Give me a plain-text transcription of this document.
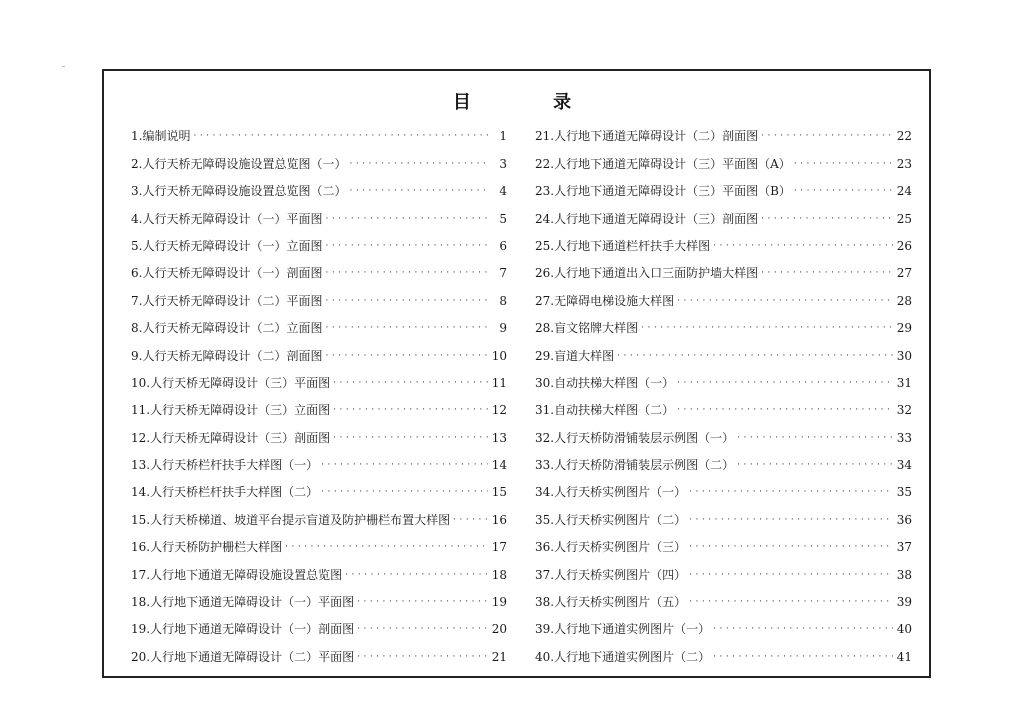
目 录
1.编制说明 ·····	1
2.人行天桥无障碍设施设置总览图（一） ·····	3
3.人行天桥无障碍设施设置总览图（二） ·····	4
4.人行天桥无障碍设计（一）平面图 ·····	5
5.人行天桥无障碍设计（一）立面图 ·····	6
6.人行天桥无障碍设计（一）剖面图 ·····	7
7.人行天桥无障碍设计（二）平面图 ·····	8
8.人行天桥无障碍设计（二）立面图 ·····	9
9.人行天桥无障碍设计（二）剖面图 ·····	10
10.人行天桥无障碍设计（三）平面图 ·····	11
11.人行天桥无障碍设计（三）立面图 ·····	12
12.人行天桥无障碍设计（三）剖面图 ·····	13
13.人行天桥栏杆扶手大样图（一） ·····	14
14.人行天桥栏杆扶手大样图（二） ·····	15
15.人行天桥梯道、坡道平台提示盲道及防护栅栏布置大样图 ·····	16
16.人行天桥防护栅栏大样图 ·····	17
17.人行地下通道无障碍设施设置总览图 ·····	18
18.人行地下通道无障碍设计（一）平面图 ·····	19
19.人行地下通道无障碍设计（一）剖面图 ·····	20
20.人行地下通道无障碍设计（二）平面图 ·····	21
21.人行地下通道无障碍设计（二）剖面图 ·····	22
22.人行地下通道无障碍设计（三）平面图（A） ·····	23
23.人行地下通道无障碍设计（三）平面图（B） ·····	24
24.人行地下通道无障碍设计（三）剖面图 ·····	25
25.人行地下通道栏杆扶手大样图 ·····	26
26.人行地下通道出入口三面防护墙大样图 ·····	27
27.无障碍电梯设施大样图 ·····	28
28.盲文铭牌大样图 ·····	29
29.盲道大样图 ·····	30
30.自动扶梯大样图（一） ·····	31
31.自动扶梯大样图（二） ·····	32
32.人行天桥防滑铺装层示例图（一） ·····	33
33.人行天桥防滑铺装层示例图（二） ·····	34
34.人行天桥实例图片（一） ·····	35
35.人行天桥实例图片（二） ·····	36
36.人行天桥实例图片（三） ·····	37
37.人行天桥实例图片（四） ·····	38
38.人行天桥实例图片（五） ·····	39
39.人行地下通道实例图片（一） ·····	40
40.人行地下通道实例图片（二） ·····	41
